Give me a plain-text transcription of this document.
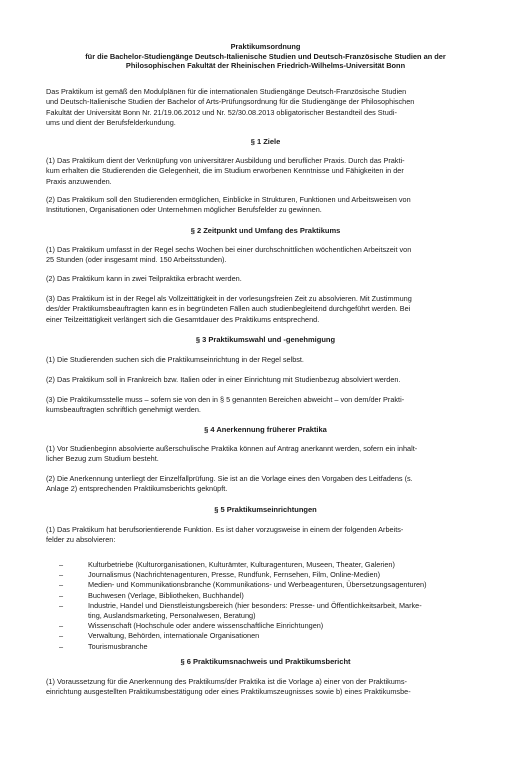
Praktikumsordnung
für die Bachelor-Studiengänge Deutsch-Italienische Studien und Deutsch-Französische Studien an der
Philosophischen Fakultät der Rheinischen Friedrich-Wilhelms-Universität Bonn
Das Praktikum ist gemäß den Modulplänen für die internationalen Studiengänge Deutsch-Französische Studien
und Deutsch-Italienische Studien der Bachelor of Arts-Prüfungsordnung für die Studiengänge der Philosophischen
Fakultät der Universität Bonn Nr. 21/19.06.2012 und Nr. 52/30.08.2013 obligatorischer Bestandteil des Studi-
ums und dient der Berufsfelderkundung.
§ 1 Ziele
(1) Das Praktikum dient der Verknüpfung von universitärer Ausbildung und beruflicher Praxis. Durch das Prakti-
kum erhalten die Studierenden die Gelegenheit, die im Studium erworbenen Kenntnisse und Fähigkeiten in der
Praxis anzuwenden.
(2) Das Praktikum soll den Studierenden ermöglichen, Einblicke in Strukturen, Funktionen und Arbeitsweisen von
Institutionen, Organisationen oder Unternehmen möglicher Berufsfelder zu gewinnen.
§ 2 Zeitpunkt und Umfang des Praktikums
(1) Das Praktikum umfasst in der Regel sechs Wochen bei einer durchschnittlichen wöchentlichen Arbeitszeit von
25 Stunden (oder insgesamt mind. 150 Arbeitsstunden).
(2) Das Praktikum kann in zwei Teilpraktika erbracht werden.
(3) Das Praktikum ist in der Regel als Vollzeittätigkeit in der vorlesungsfreien Zeit zu absolvieren. Mit Zustimmung
des/der Praktikumsbeauftragten kann es in begründeten Fällen auch studienbegleitend durchgeführt werden. Bei
einer Teilzeittätigkeit verlängert sich die Gesamtdauer des Praktikums entsprechend.
§ 3 Praktikumswahl und -genehmigung
(1) Die Studierenden suchen sich die Praktikumseinrichtung in der Regel selbst.
(2) Das Praktikum soll in Frankreich bzw. Italien oder in einer Einrichtung mit Studienbezug absolviert werden.
(3) Die Praktikumsstelle muss – sofern sie von den in § 5 genannten Bereichen abweicht – von dem/der Prakti-
kumsbeauftragten schriftlich genehmigt werden.
§ 4 Anerkennung früherer Praktika
(1) Vor Studienbeginn absolvierte außerschulische Praktika können auf Antrag anerkannt werden, sofern ein inhalt-
licher Bezug zum Studium besteht.
(2) Die Anerkennung unterliegt der Einzelfallprüfung. Sie ist an die Vorlage eines den Vorgaben des Leitfadens (s.
Anlage 2) entsprechenden Praktikumsberichts geknüpft.
§ 5 Praktikumseinrichtungen
(1) Das Praktikum hat berufsorientierende Funktion. Es ist daher vorzugsweise in einem der folgenden Arbeits-
felder zu absolvieren:
–	Kulturbetriebe (Kulturorganisationen, Kulturämter, Kulturagenturen, Museen, Theater, Galerien)
–	Journalismus (Nachrichtenagenturen, Presse, Rundfunk, Fernsehen, Film, Online-Medien)
–	Medien- und Kommunikationsbranche (Kommunikations- und Werbeagenturen, Übersetzungsagenturen)
–	Buchwesen (Verlage, Bibliotheken, Buchhandel)
–	Industrie, Handel und Dienstleistungsbereich (hier besonders: Presse- und Öffentlichkeitsarbeit, Marke-
ting, Auslandsmarketing, Personalwesen, Beratung)
–	Wissenschaft (Hochschule oder andere wissenschaftliche Einrichtungen)
–	Verwaltung, Behörden, internationale Organisationen
–	Tourismusbranche
§ 6 Praktikumsnachweis und Praktikumsbericht
(1) Voraussetzung für die Anerkennung des Praktikums/der Praktika ist die Vorlage a) einer von der Praktikums-
einrichtung ausgestellten Praktikumsbestätigung oder eines Praktikumszeugnisses sowie b) eines Praktikumsbe-
